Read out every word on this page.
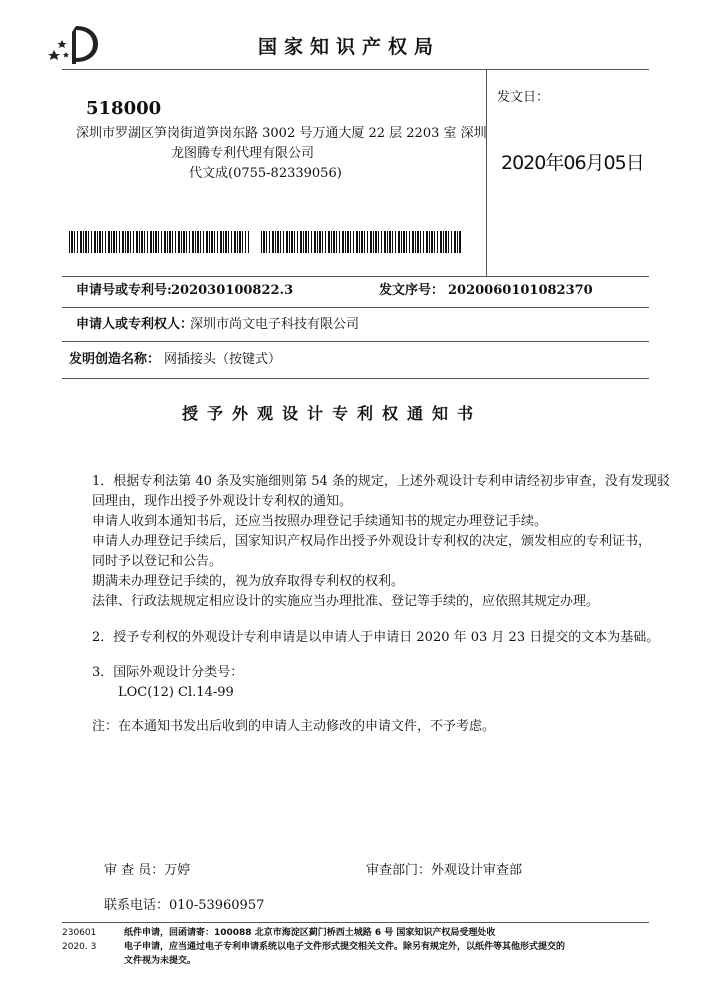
国家知识产权局
518000
深圳市罗湖区笋岗街道笋岗东路 3002 号万通大厦 22 层 2203 室 深圳
龙图腾专利代理有限公司
代文成(0755-82339056)
发文日：
2020年06月05日
申请号或专利号: 202030100822.3	发文序号： 2020060101082370
申请人或专利权人：
深圳市尚文电子科技有限公司
发明创造名称： 网插接头（按键式）
授予外观设计专利权通知书
1．根据专利法第 40 条及实施细则第 54 条的规定，上述外观设计专利申请经初步审查，没有发现驳
回理由，现作出授予外观设计专利权的通知。
申请人收到本通知书后，还应当按照办理登记手续通知书的规定办理登记手续。
申请人办理登记手续后，国家知识产权局作出授予外观设计专利权的决定，颁发相应的专利证书，
同时予以登记和公告。
期满未办理登记手续的，视为放弃取得专利权的权利。
法律、行政法规规定相应设计的实施应当办理批准、登记等手续的，应依照其规定办理。
2．授予专利权的外观设计专利申请是以申请人于申请日 2020 年 03 月 23 日提交的文本为基础。
3．国际外观设计分类号：
LOC(12) Cl.14-99
注：在本通知书发出后收到的申请人主动修改的申请文件，不予考虑。
审 查 员：万婷	审查部门：外观设计审查部
联系电话：010-53960957
230601
2020. 3
纸件申请，回函请寄：100088 北京市海淀区蓟门桥西土城路 6 号 国家知识产权局受理处收
电子申请，应当通过电子专利申请系统以电子文件形式提交相关文件。除另有规定外，以纸件等其他形式提交的
文件视为未提交。
